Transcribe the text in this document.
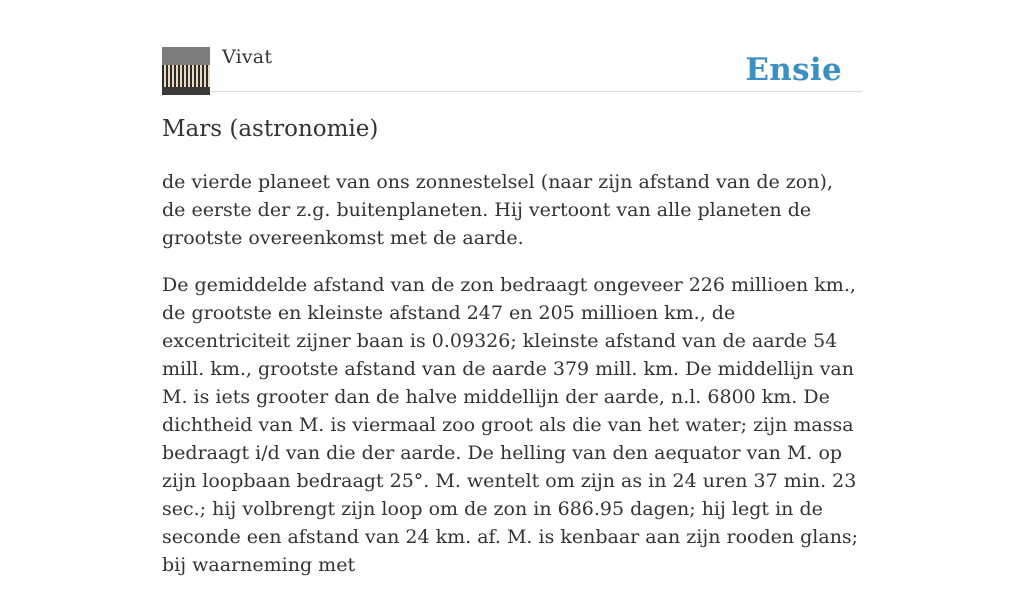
Vivat	Ensie
Mars (astronomie)

de vierde planeet van ons zonnestelsel (naar zijn afstand van de zon), de eerste der z.g. buitenplaneten. Hij vertoont van alle planeten de grootste overeenkomst met de aarde.

De gemiddelde afstand van de zon bedraagt ongeveer 226 millioen km., de grootste en kleinste afstand 247 en 205 millioen km., de excentriciteit zijner baan is 0.09326; kleinste afstand van de aarde 54 mill. km., grootste afstand van de aarde 379 mill. km. De middellijn van M. is iets grooter dan de halve middellijn der aarde, n.l. 6800 km. De dichtheid van M. is viermaal zoo groot als die van het water; zijn massa bedraagt i/d van die der aarde. De helling van den aequator van M. op zijn loopbaan bedraagt 25°. M. wentelt om zijn as in 24 uren 37 min. 23 sec.; hij volbrengt zijn loop om de zon in 686.95 dagen; hij legt in de seconde een afstand van 24 km. af. M. is kenbaar aan zijn rooden glans; bij waarneming met
